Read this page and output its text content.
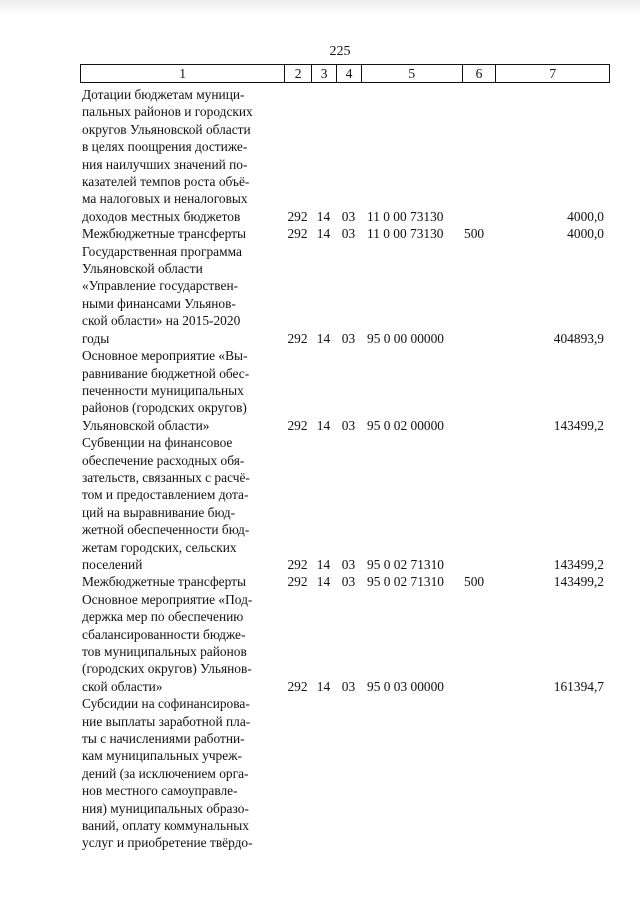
225
1	2	3	4	5	6	7
Дотации бюджетам муници-
пальных районов и городских
округов Ульяновской области
в целях поощрения достиже-
ния наилучших значений по-
казателей темпов роста объё-
ма налоговых и неналоговых
доходов местных бюджетов	292 14 03 11 0 00 73130	4000,0
Межбюджетные трансферты	292 14 03 11 0 00 73130	500	4000,0
Государственная программа
Ульяновской области
«Управление государствен-
ными финансами Ульянов-
ской области» на 2015-2020
годы	292 14 03 95 0 00 00000	404893,9
Основное мероприятие «Вы-
равнивание бюджетной обес-
печенности муниципальных
районов (городских округов)
Ульяновской области»	292 14 03 95 0 02 00000	143499,2
Субвенции на финансовое
обеспечение расходных обя-
зательств, связанных с расчё-
том и предоставлением дота-
ций на выравнивание бюд-
жетной обеспеченности бюд-
жетам городских, сельских
поселений	292 14 03 95 0 02 71310	143499,2
Межбюджетные трансферты	292 14 03 95 0 02 71310	500	143499,2
Основное мероприятие «Под-
держка мер по обеспечению
сбалансированности бюдже-
тов муниципальных районов
(городских округов) Ульянов-
ской области»	292 14 03 95 0 03 00000	161394,7
Субсидии на софинансирова-
ние выплаты заработной пла-
ты с начислениями работни-
кам муниципальных учреж-
дений (за исключением орга-
нов местного самоуправле-
ния) муниципальных образо-
ваний, оплату коммунальных
услуг и приобретение твёрдо-
